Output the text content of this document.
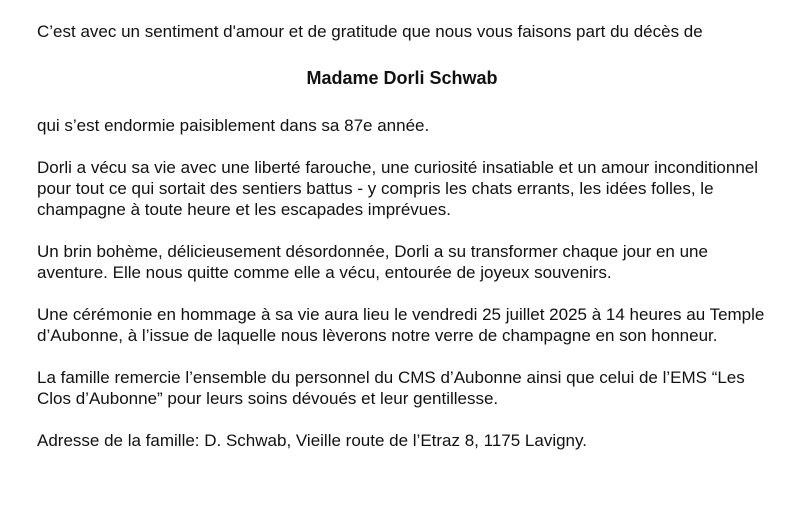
C’est avec un sentiment d'amour et de gratitude que nous vous faisons part du décès de

Madame Dorli Schwab

qui s’est endormie paisiblement dans sa 87e année.

Dorli a vécu sa vie avec une liberté farouche, une curiosité insatiable et un amour inconditionnel pour tout ce qui sortait des sentiers battus - y compris les chats errants, les idées folles, le champagne à toute heure et les escapades imprévues.

Un brin bohème, délicieusement désordonnée, Dorli a su transformer chaque jour en une aventure. Elle nous quitte comme elle a vécu, entourée de joyeux souvenirs.

Une cérémonie en hommage à sa vie aura lieu le vendredi 25 juillet 2025 à 14 heures au Temple d’Aubonne, à l’issue de laquelle nous lèverons notre verre de champagne en son honneur.

La famille remercie l’ensemble du personnel du CMS d’Aubonne ainsi que celui de l’EMS “Les Clos d’Aubonne” pour leurs soins dévoués et leur gentillesse.

Adresse de la famille: D. Schwab, Vieille route de l’Etraz 8, 1175 Lavigny.
